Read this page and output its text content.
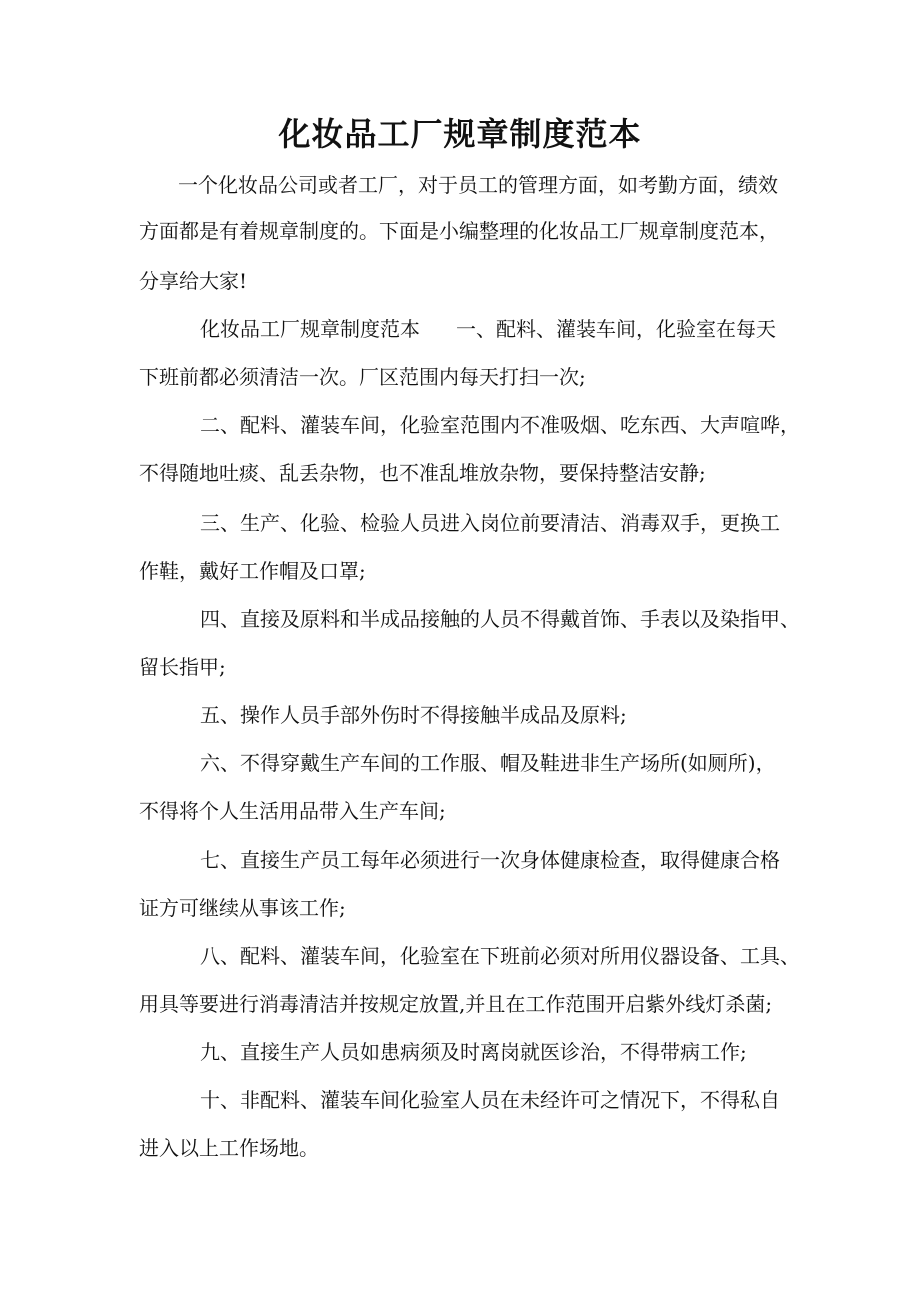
化妆品工厂规章制度范本
一个化妆品公司或者工厂，对于员工的管理方面，如考勤方面，绩效
方面都是有着规章制度的。下面是小编整理的化妆品工厂规章制度范本，
分享给大家!
化妆品工厂规章制度范本 一、配料、灌装车间，化验室在每天
下班前都必须清洁一次。厂区范围内每天打扫一次;
二、配料、灌装车间，化验室范围内不准吸烟、吃东西、大声喧哗，
不得随地吐痰、乱丢杂物，也不准乱堆放杂物，要保持整洁安静;
三、生产、化验、检验人员进入岗位前要清洁、消毒双手，更换工
作鞋，戴好工作帽及口罩;
四、直接及原料和半成品接触的人员不得戴首饰、手表以及染指甲、
留长指甲;
五、操作人员手部外伤时不得接触半成品及原料;
六、不得穿戴生产车间的工作服、帽及鞋进非生产场所(如厕所)，
不得将个人生活用品带入生产车间;
七、直接生产员工每年必须进行一次身体健康检查，取得健康合格
证方可继续从事该工作;
八、配料、灌装车间，化验室在下班前必须对所用仪器设备、工具、
用具等要进行消毒清洁并按规定放置,并且在工作范围开启紫外线灯杀菌;
九、直接生产人员如患病须及时离岗就医诊治，不得带病工作;
十、非配料、灌装车间化验室人员在未经许可之情况下，不得私自
进入以上工作场地。
